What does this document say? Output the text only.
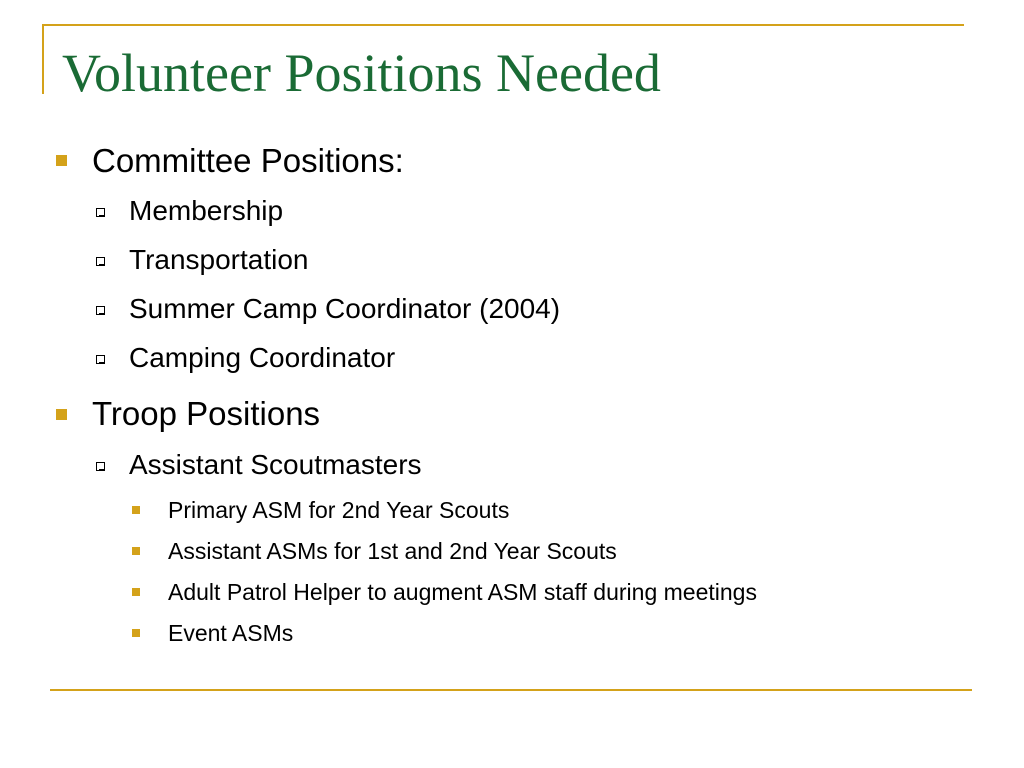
Volunteer Positions Needed
Committee Positions:
Membership
Transportation
Summer Camp Coordinator (2004)
Camping Coordinator
Troop Positions
Assistant Scoutmasters
Primary ASM for 2nd Year Scouts
Assistant ASMs for 1st and 2nd Year Scouts
Adult Patrol Helper to augment ASM staff during meetings
Event ASMs
